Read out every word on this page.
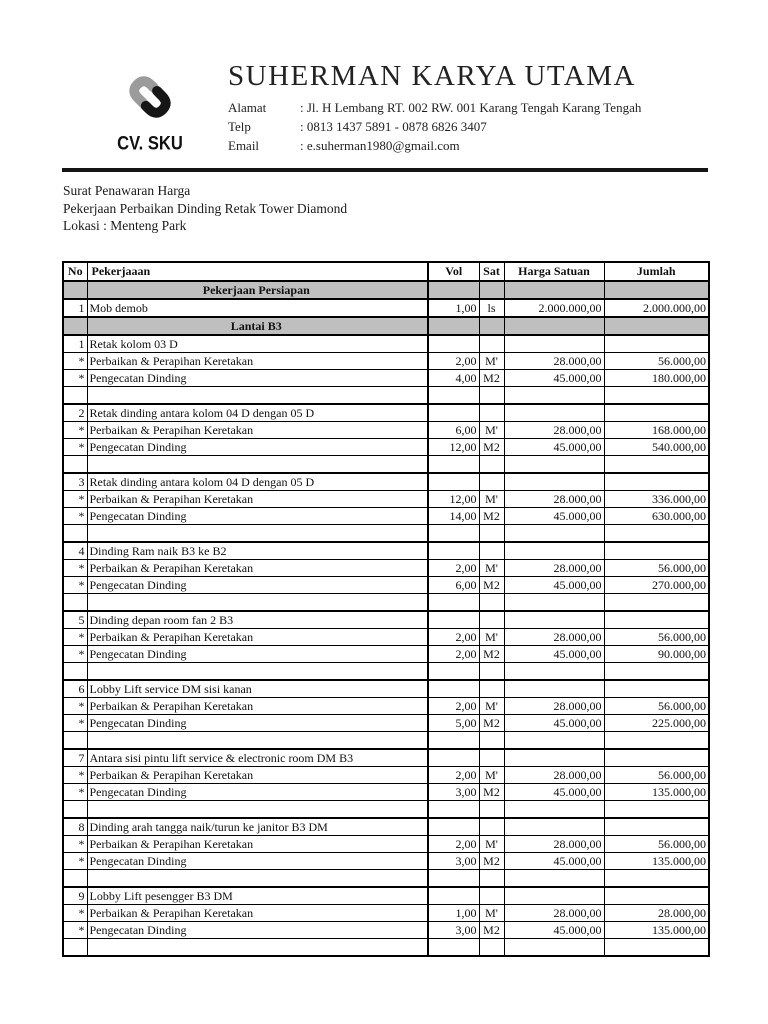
CV. SKU
SUHERMAN KARYA UTAMA
Alamat	: Jl. H Lembang RT. 002 RW. 001 Karang Tengah Karang Tengah
Telp	: 0813 1437 5891 - 0878 6826 3407
Email	: e.suherman1980@gmail.com
Surat Penawaran Harga
Pekerjaan Perbaikan Dinding Retak Tower Diamond
Lokasi : Menteng Park
No	Pekerjaaan	Vol	Sat	Harga Satuan	Jumlah
	Pekerjaan Persiapan				
1	Mob demob	1,00	ls	2.000.000,00	2.000.000,00
	Lantai B3				
1	Retak kolom 03 D				
*	Perbaikan & Perapihan Keretakan	2,00	M'	28.000,00	56.000,00
*	Pengecatan Dinding	4,00	M2	45.000,00	180.000,00

2	Retak dinding antara kolom 04 D dengan 05 D				
*	Perbaikan & Perapihan Keretakan	6,00	M'	28.000,00	168.000,00
*	Pengecatan Dinding	12,00	M2	45.000,00	540.000,00

3	Retak dinding antara kolom 04 D dengan 05 D				
*	Perbaikan & Perapihan Keretakan	12,00	M'	28.000,00	336.000,00
*	Pengecatan Dinding	14,00	M2	45.000,00	630.000,00

4	Dinding Ram naik B3 ke B2				
*	Perbaikan & Perapihan Keretakan	2,00	M'	28.000,00	56.000,00
*	Pengecatan Dinding	6,00	M2	45.000,00	270.000,00

5	Dinding depan room fan 2 B3				
*	Perbaikan & Perapihan Keretakan	2,00	M'	28.000,00	56.000,00
*	Pengecatan Dinding	2,00	M2	45.000,00	90.000,00

6	Lobby Lift service DM sisi kanan				
*	Perbaikan & Perapihan Keretakan	2,00	M'	28.000,00	56.000,00
*	Pengecatan Dinding	5,00	M2	45.000,00	225.000,00

7	Antara sisi pintu lift service & electronic room DM B3				
*	Perbaikan & Perapihan Keretakan	2,00	M'	28.000,00	56.000,00
*	Pengecatan Dinding	3,00	M2	45.000,00	135.000,00

8	Dinding arah tangga naik/turun ke janitor B3 DM				
*	Perbaikan & Perapihan Keretakan	2,00	M'	28.000,00	56.000,00
*	Pengecatan Dinding	3,00	M2	45.000,00	135.000,00

9	Lobby Lift pesengger B3 DM				
*	Perbaikan & Perapihan Keretakan	1,00	M'	28.000,00	28.000,00
*	Pengecatan Dinding	3,00	M2	45.000,00	135.000,00
